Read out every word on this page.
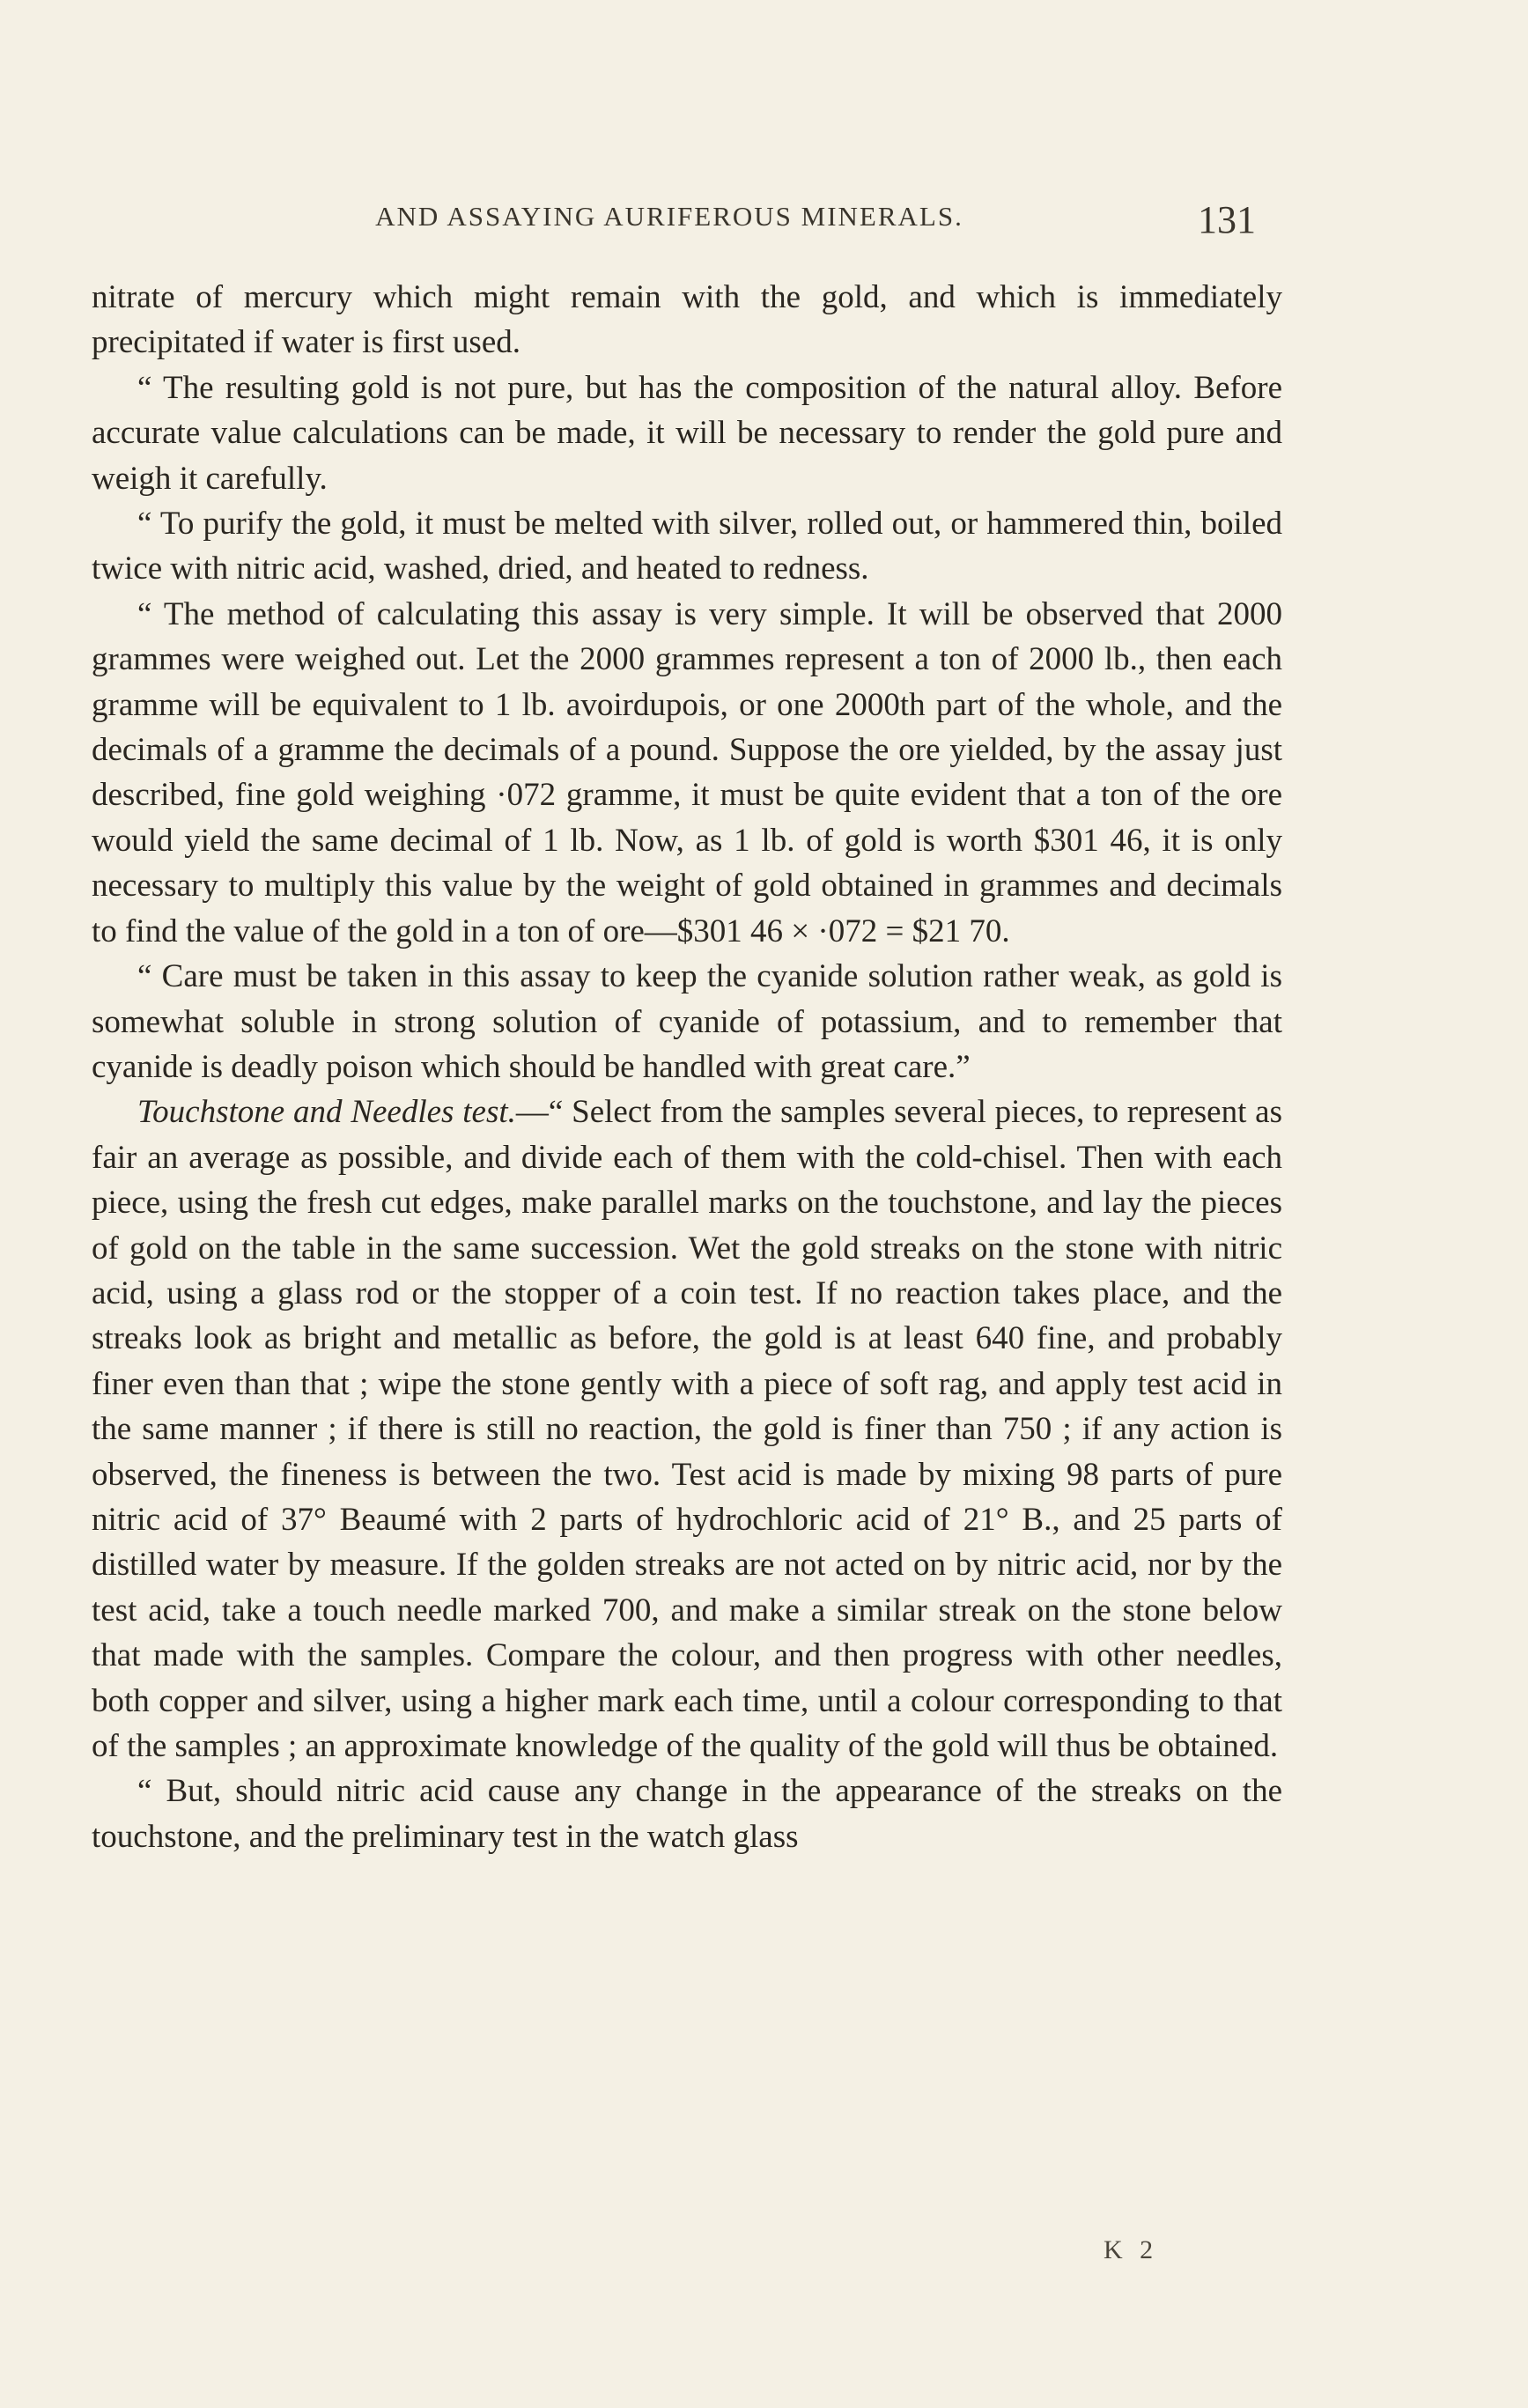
AND ASSAYING AURIFEROUS MINERALS.	131

nitrate of mercury which might remain with the gold, and which is immediately precipitated if water is first used.

“ The resulting gold is not pure, but has the composition of the natural alloy. Before accurate value calculations can be made, it will be necessary to render the gold pure and weigh it carefully.

“ To purify the gold, it must be melted with silver, rolled out, or hammered thin, boiled twice with nitric acid, washed, dried, and heated to redness.

“ The method of calculating this assay is very simple. It will be observed that 2000 grammes were weighed out. Let the 2000 grammes represent a ton of 2000 lb., then each gramme will be equivalent to 1 lb. avoirdupois, or one 2000th part of the whole, and the decimals of a gramme the decimals of a pound. Suppose the ore yielded, by the assay just described, fine gold weighing ·072 gramme, it must be quite evident that a ton of the ore would yield the same decimal of 1 lb. Now, as 1 lb. of gold is worth $301 46, it is only necessary to multiply this value by the weight of gold obtained in grammes and decimals to find the value of the gold in a ton of ore—$301 46 × ·072 = $21 70.

“ Care must be taken in this assay to keep the cyanide solution rather weak, as gold is somewhat soluble in strong solution of cyanide of potassium, and to remember that cyanide is deadly poison which should be handled with great care.”

Touchstone and Needles test.—“ Select from the samples several pieces, to represent as fair an average as possible, and divide each of them with the cold-chisel. Then with each piece, using the fresh cut edges, make parallel marks on the touchstone, and lay the pieces of gold on the table in the same succession. Wet the gold streaks on the stone with nitric acid, using a glass rod or the stopper of a coin test. If no reaction takes place, and the streaks look as bright and metallic as before, the gold is at least 640 fine, and probably finer even than that ; wipe the stone gently with a piece of soft rag, and apply test acid in the same manner ; if there is still no reaction, the gold is finer than 750 ; if any action is observed, the fineness is between the two. Test acid is made by mixing 98 parts of pure nitric acid of 37° Beaumé with 2 parts of hydrochloric acid of 21° B., and 25 parts of distilled water by measure. If the golden streaks are not acted on by nitric acid, nor by the test acid, take a touch needle marked 700, and make a similar streak on the stone below that made with the samples. Compare the colour, and then progress with other needles, both copper and silver, using a higher mark each time, until a colour corresponding to that of the samples ; an approximate knowledge of the quality of the gold will thus be obtained.

“ But, should nitric acid cause any change in the appearance of the streaks on the touchstone, and the preliminary test in the watch glass

K 2
